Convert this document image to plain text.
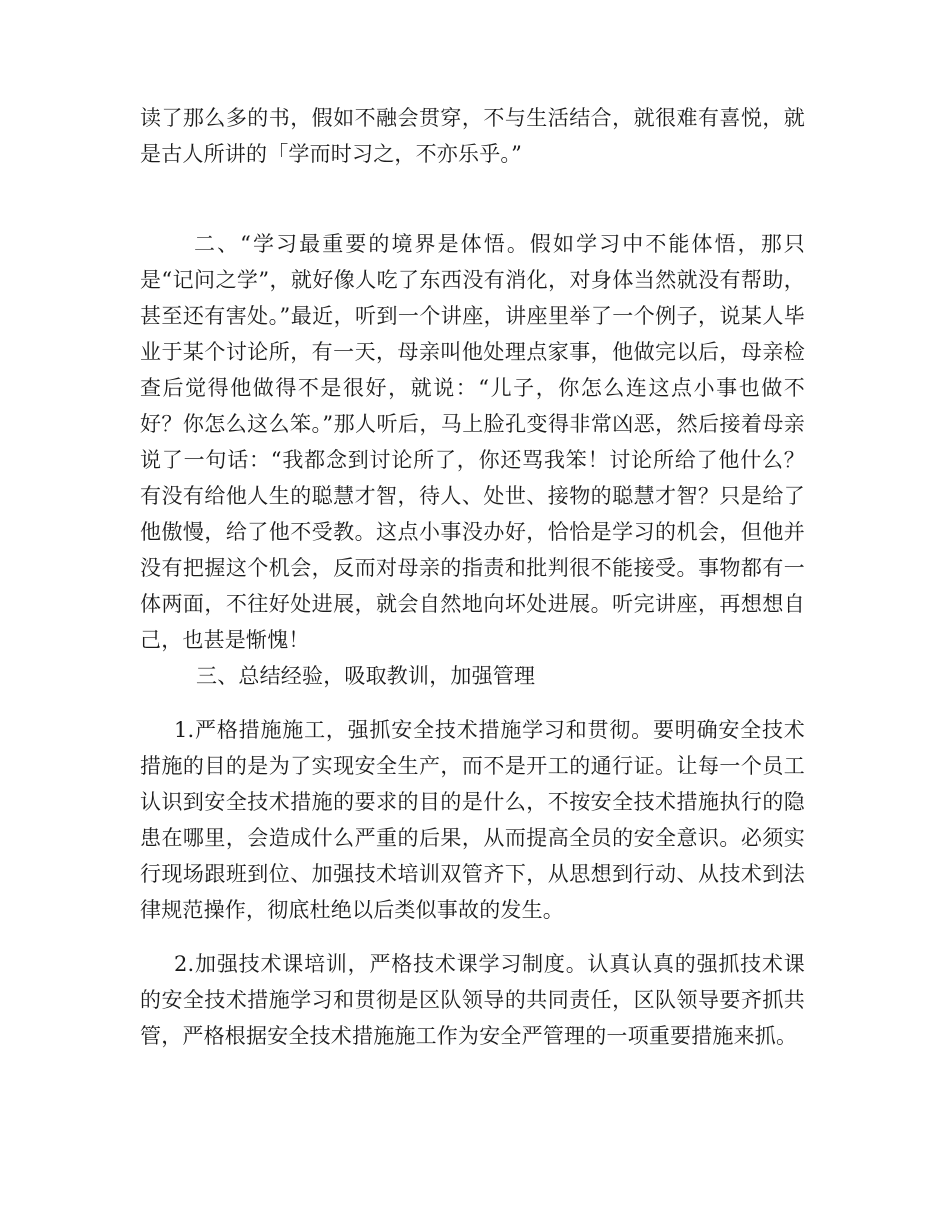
读了那么多的书，假如不融会贯穿，不与生活结合，就很难有喜悦，就是古人所讲的「学而时习之，不亦乐乎。”

二、“学习最重要的境界是体悟。假如学习中不能体悟，那只是“记问之学”，就好像人吃了东西没有消化，对身体当然就没有帮助，甚至还有害处。”最近，听到一个讲座，讲座里举了一个例子，说某人毕业于某个讨论所，有一天，母亲叫他处理点家事，他做完以后，母亲检查后觉得他做得不是很好，就说：“儿子，你怎么连这点小事也做不好？你怎么这么笨。”那人听后，马上脸孔变得非常凶恶，然后接着母亲说了一句话：“我都念到讨论所了，你还骂我笨！讨论所给了他什么？有没有给他人生的聪慧才智，待人、处世、接物的聪慧才智？只是给了他傲慢，给了他不受教。这点小事没办好，恰恰是学习的机会，但他并没有把握这个机会，反而对母亲的指责和批判很不能接受。事物都有一体两面，不往好处进展，就会自然地向坏处进展。听完讲座，再想想自己，也甚是惭愧！

三、总结经验，吸取教训，加强管理

1.严格措施施工，强抓安全技术措施学习和贯彻。要明确安全技术措施的目的是为了实现安全生产，而不是开工的通行证。让每一个员工认识到安全技术措施的要求的目的是什么，不按安全技术措施执行的隐患在哪里，会造成什么严重的后果，从而提高全员的安全意识。必须实行现场跟班到位、加强技术培训双管齐下，从思想到行动、从技术到法律规范操作，彻底杜绝以后类似事故的发生。

2.加强技术课培训，严格技术课学习制度。认真认真的强抓技术课的安全技术措施学习和贯彻是区队领导的共同责任，区队领导要齐抓共管，严格根据安全技术措施施工作为安全严管理的一项重要措施来抓。
